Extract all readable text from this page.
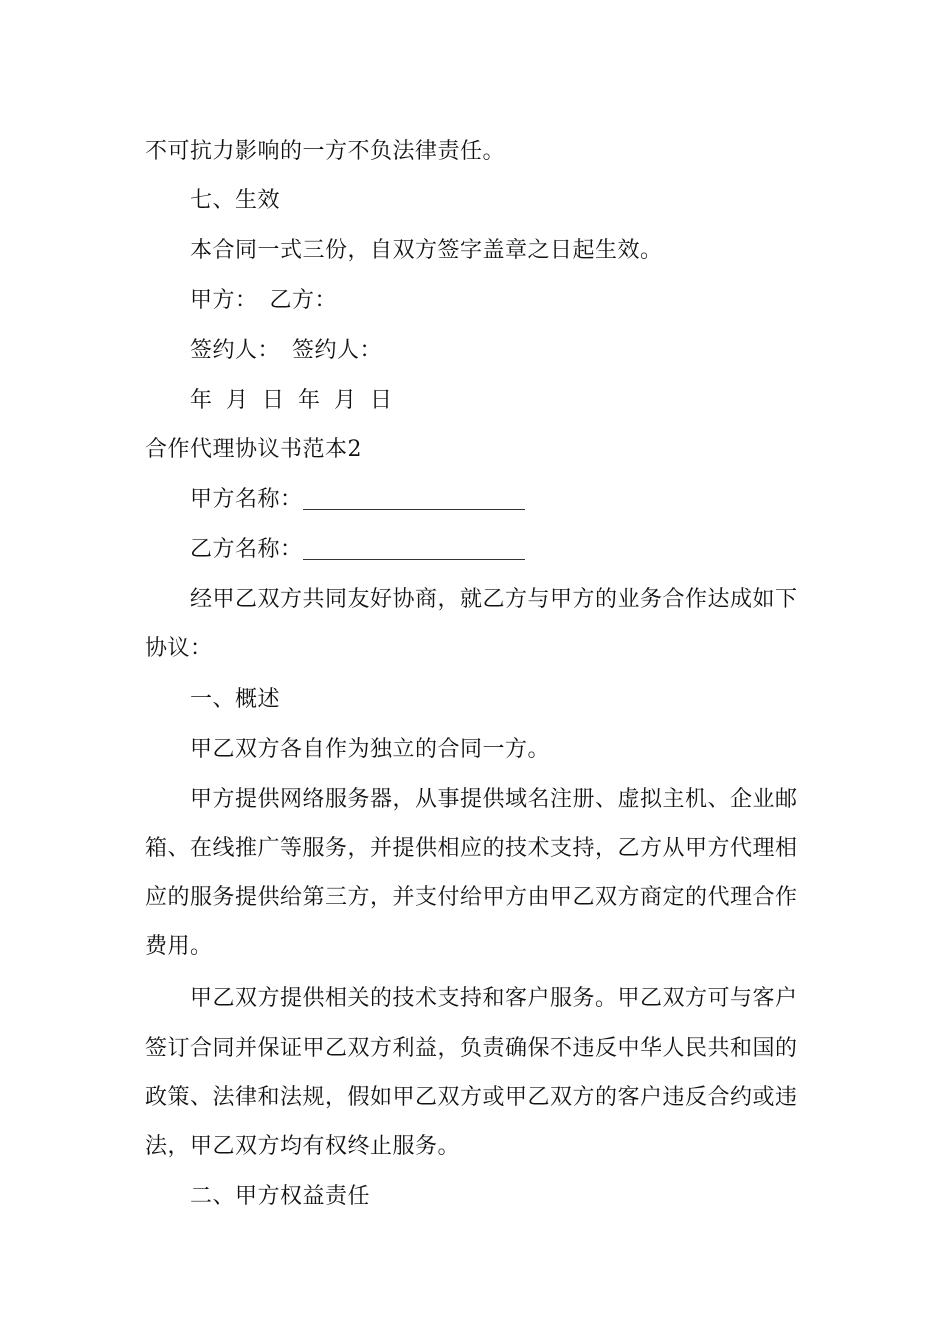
不可抗力影响的一方不负法律责任。
七、生效
本合同一式三份，自双方签字盖章之日起生效。
甲方： 乙方：
签约人： 签约人：
年 月 日 年 月 日
合作代理协议书范本2
甲方名称：
乙方名称：
经甲乙双方共同友好协商，就乙方与甲方的业务合作达成如下
协议：
一、概述
甲乙双方各自作为独立的合同一方。
甲方提供网络服务器，从事提供域名注册、虚拟主机、企业邮
箱、在线推广等服务，并提供相应的技术支持，乙方从甲方代理相
应的服务提供给第三方，并支付给甲方由甲乙双方商定的代理合作
费用。
甲乙双方提供相关的技术支持和客户服务。甲乙双方可与客户
签订合同并保证甲乙双方利益，负责确保不违反中华人民共和国的
政策、法律和法规，假如甲乙双方或甲乙双方的客户违反合约或违
法，甲乙双方均有权终止服务。
二、甲方权益责任
